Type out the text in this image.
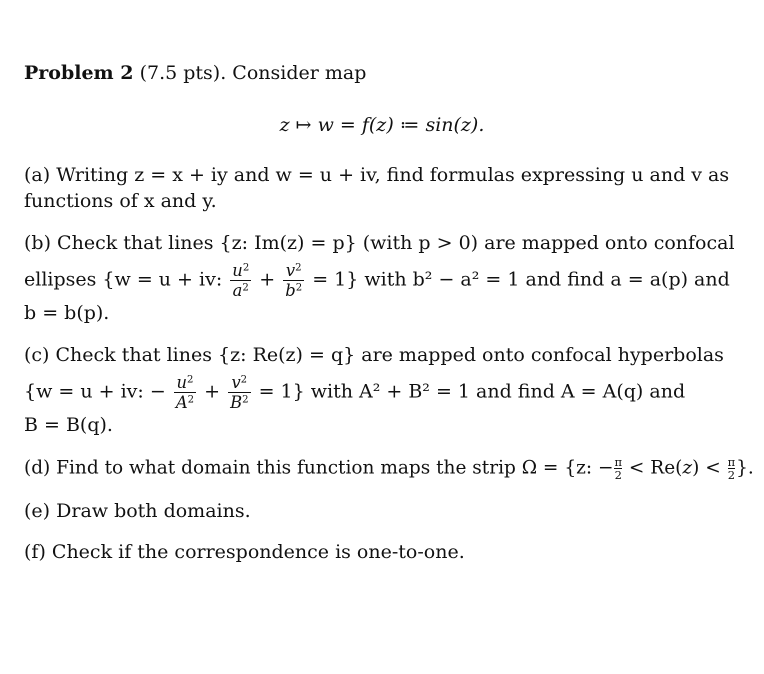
Problem 2 (7.5 pts). Consider map
z ↦ w = f(z) ≔ sin(z).
(a) Writing z = x + iy and w = u + iv, find formulas expressing u and v as
functions of x and y.
(b) Check that lines {z: Im(z) = p} (with p > 0) are mapped onto confocal
ellipses {w = u + iv: $\frac{u^2}{a^2} + \frac{v^2}{b^2} = 1$} with b² − a² = 1 and find a = a(p) and
b = b(p).
(c) Check that lines {z: Re(z) = q} are mapped onto confocal hyperbolas
{w = u + iv: − $\frac{u^2}{A^2} + \frac{v^2}{B^2} = 1$} with A² + B² = 1 and find A = A(q) and
B = B(q).
(d) Find to what domain this function maps the strip Ω = {z: − $\frac{\pi}{2} < Re(z) < \frac{\pi}{2}$ }.
(e) Draw both domains.
(f) Check if the correspondence is one-to-one.
